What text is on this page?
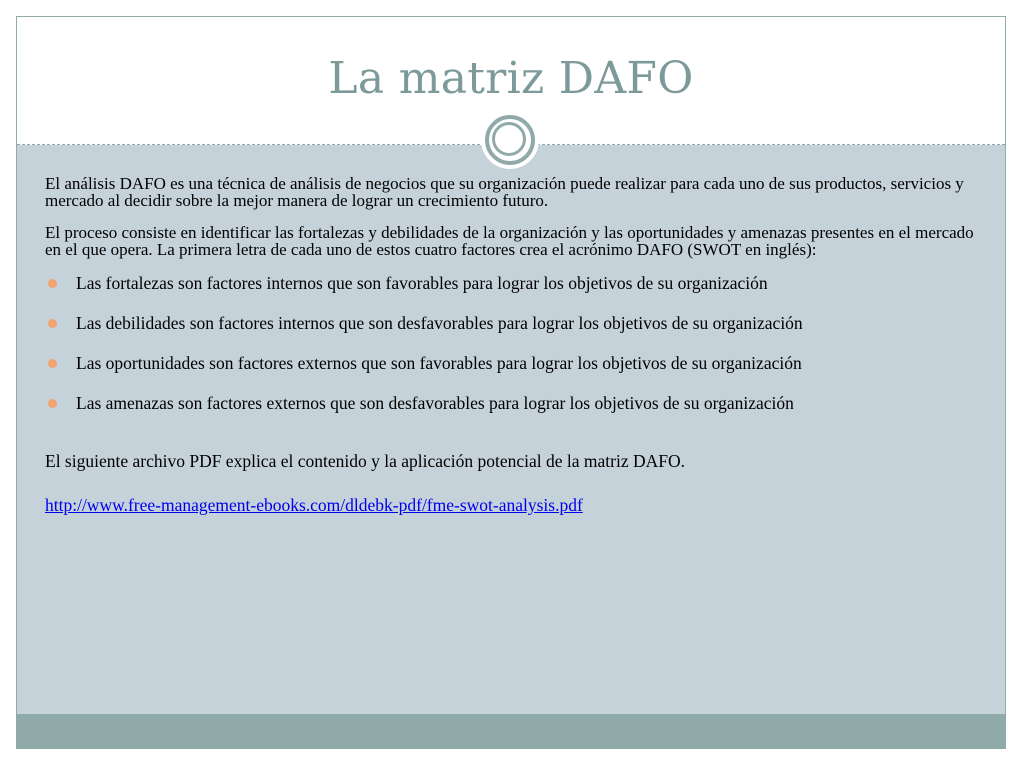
La matriz DAFO

El análisis DAFO es una técnica de análisis de negocios que su organización puede realizar para cada uno de sus productos, servicios y mercado al decidir sobre la mejor manera de lograr un crecimiento futuro.

El proceso consiste en identificar las fortalezas y debilidades de la organización y las oportunidades y amenazas presentes en el mercado en el que opera. La primera letra de cada uno de estos cuatro factores crea el acrónimo DAFO (SWOT en inglés):

Las fortalezas son factores internos que son favorables para lograr los objetivos de su organización
Las debilidades son factores internos que son desfavorables para lograr los objetivos de su organización
Las oportunidades son factores externos que son favorables para lograr los objetivos de su organización
Las amenazas son factores externos que son desfavorables para lograr los objetivos de su organización

El siguiente archivo PDF explica el contenido y la aplicación potencial de la matriz DAFO.

http://www.free-management-ebooks.com/dldebk-pdf/fme-swot-analysis.pdf
